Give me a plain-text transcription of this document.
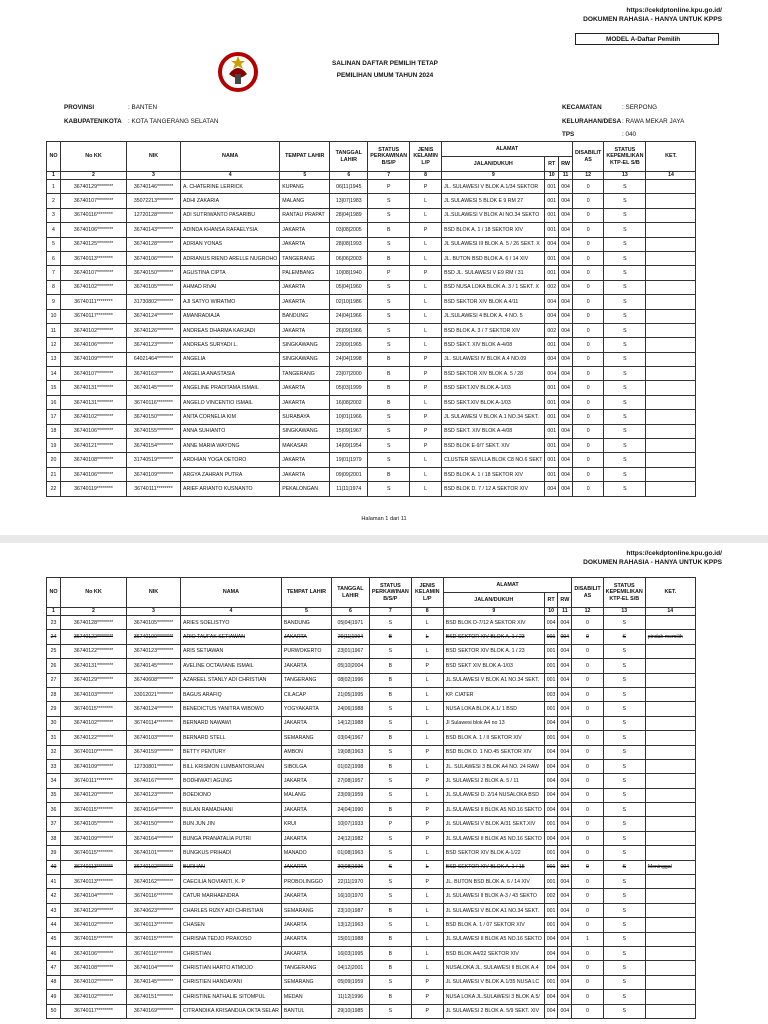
https://cekdptonline.kpu.go.id/
DOKUMEN RAHASIA - HANYA UNTUK KPPS
MODEL A-Daftar Pemilih
SALINAN DAFTAR PEMILIH TETAP
PEMILIHAN UMUM TAHUN 2024
PROVINSI	: BANTEN
KABUPATEN/KOTA : KOTA TANGERANG SELATAN
KECAMATAN	: SERPONG
KELURAHAN/DESA : RAWA MEKAR JAYA
TPS	: 040
NO	No KK	NIK	NAMA	TEMPAT LAHIR	TANGGAL LAHIR	STATUS PERKAWINAN B/S/P	JENIS KELAMIN L/P	ALAMAT			DISABILIT AS	STATUS KEPEMILIKAN KTP-EL S/B	KET.
								JALAN/DUKUH	RT	RW			
1	2	3	4	5	6	7	8	9	10	11	12	13	14
1	36740129********	36740146********	A. CHATERINE LERRICK	KUPANG	06|11|1945	P	P	JL. SULAWESI V BLOK A.1/34 SEKTOR	001	004	0	S	
2	36740107********	35072213********	ADHI ZAKARIA	MALANG	13|07|1983	S	L	JL SULAWESI 5 BLOK E 9 RM 27	001	004	0	S	
3	36740116********	12720128********	ADI SUTRIWANTO PASARIBU	RANTAU PRAPAT	28|04|1989	S	L	JL.SULAWESI V BLOK AI NO.34 SEKTO	001	004	0	S	
4	36740106********	36740143********	ADINDA KHANSA RAFAELYSIA	JAKARTA	03|08|2005	B	P	BSD BLOK A. 1 / 18 SEKTOR XIV	001	004	0	S	
5	36740125********	36740128********	ADRIAN YONAS	JAKARTA	28|08|1993	S	L	JL SULAWESI III BLOK A. 5 / 26 SEKT. X	004	004	0	S	
6	36740113********	36740106********	ADRIANUS RIENO ARELLE NUGROHO	TANGERANG	06|06|2003	B	L	JL. BUTON BSD BLOK A. 6 / 14 XIV	001	004	0	S	
7	36740107********	36740150********	AGUSTINA CIPTA	PALEMBANG	10|08|1940	P	P	BSD JL. SULAWESI V E9 RM / 31	001	004	0	S	
8	36740102********	36740105********	AHMAD RIVAI	JAKARTA	05|04|1960	S	L	BSD NUSA LOKA BLOK A. 3 / 1 SEKT. X	002	004	0	S	
9	36740111********	31730802********	AJI SATYO WIRATMO	JAKARTA	02|10|1986	S	L	BSD SEKTOR XIV BLOK A.4/11	004	004	0	S	
10	36740117********	36740124********	AMANRADIAJA	BANDUNG	24|04|1966	S	L	JL.SULAWESI 4 BLOK A. 4 NO. 5	004	004	0	S	
11	36740102********	36740126********	ANDREAS DHARMA KARJADI	JAKARTA	26|09|1966	S	L	BSD BLOK A. 3 / 7 SEKTOR XIV	002	004	0	S	
12	36740106********	36740123********	ANDREAS SURYADI L.	SINGKAWANG	23|09|1965	S	L	BSD SEKT. XIV BLOK A-4/08	001	004	0	S	
13	36740109********	64021464********	ANGELIA	SINGKAWANG	24|04|1998	B	P	JL. SULAWESI IV BLOK A.4 NO.09	004	004	0	S	
14	36740107********	36740163********	ANGELIA ANASTASIA	TANGERANG	23|07|2000	B	P	BSD SEKTOR XIV BLOK A. 5 / 28	004	004	0	S	
15	36740131********	36740145********	ANGELINE PRADITAMA ISMAIL	JAKARTA	05|03|1999	B	P	BSD SEKT.XIV BLOK A-1/03	001	004	0	S	
16	36740131********	36740116********	ANGELO VINCENTIO ISMAIL	JAKARTA	16|08|2002	B	L	BSD SEKT.XIV BLOK A-1/03	001	004	0	S	
17	36740102********	36740150********	ANITA CORNELIA KIM	SURABAYA	10|01|1966	S	P	JL SULAWESI V BLOK A.1 NO.34 SEKT.	001	004	0	S	
18	36740106********	36740155********	ANNA SUHIANTO	SINGKAWANG	15|09|1967	S	P	BSD SEKT. XIV BLOK A-4/08	001	004	0	S	
19	36740121********	36740154********	ANNE MARIA WAYONG	MAKASAR	14|09|1954	S	P	BSD BLOK E-9/7 SEKT. XIV	001	004	0	S	
20	36740108********	31740519********	ARDHIAN YOGA OETORO	JAKARTA	19|01|1979	S	L	CLUSTER SEVILLA BLOK C8 NO.6 SEKT	001	004	0	S	
21	36740106********	36740109********	ARGYA ZAHRAN PUTRA	JAKARTA	09|09|2001	B	L	BSD BLOK A. 1 / 18 SEKTOR XIV	001	004	0	S	
22	36740119********	36740111********	ARIEF ARIANTO KUSNANTO	PEKALONGAN	11|11|1974	S	L	BSD BLOK D. 7 / 12 A SEKTOR XIV	004	004	0	S	
Halaman 1 dari 11
https://cekdptonline.kpu.go.id/
DOKUMEN RAHASIA - HANYA UNTUK KPPS
NO	No KK	NIK	NAMA	TEMPAT LAHIR	TANGGAL LAHIR	STATUS PERKAWINAN B/S/P	JENIS KELAMIN L/P	ALAMAT			DISABILIT AS	STATUS KEPEMILIKAN KTP-EL S/B	KET.
								JALAN/DUKUH	RT	RW			
1	2	3	4	5	6	7	8	9	10	11	12	13	14
23	36740128********	36740105********	ARIES SOELISTYO	BANDUNG	05|04|1971	S	L	BSD BLOK D-7/12 A SEKTOR XIV	004	004	0	S	
24	36740122********	36740190********	ARIO TAUFAK SETIAWAN	JAKARTA	20|11|1994	B	L	BSD SEKTOR XIV BLOK A. 1 / 23	001	004	0	S	pindah memilih
25	36740122********	36740123********	ARIS SETIAWAN	PURWOKERTO	23|01|1967	S	L	BSD SEKTOR XIV BLOK A. 1 / 23	001	004	0	S	
26	36740131********	36740145********	AVELINE OCTAVIANE ISMAIL	JAKARTA	05|10|2004	B	P	BSD SEKT XIV BLOK A-1/03	001	004	0	S	
27	36740129********	36740608********	AZAREEL STANLY ADI CHRISTIAN	TANGERANG	08|02|1996	B	L	JL.SULAWESI V BLOK A1 NO.34 SEKT.	001	004	0	S	
28	36740103********	33012021********	BAGUS ARAFIQ	CILACAP	21|05|1995	B	L	KP. CIATER	003	004	0	S	
29	36740115********	36740124********	BENEDICTUS YANITRA WIBOWO	YOGYAKARTA	24|06|1988	S	L	NUSA LOKA BLOK A.1/ 1 BSD	001	004	0	S	
30	36740102********	36740114********	BERNARD NAWAWI	JAKARTA	14|12|1988	S	L	Jl Sulawesi blok A4 no 13	004	004	0	S	
31	36740122********	36740103********	BERNARD STELL	SEMARANG	03|04|1967	B	L	BSD BLOK A. 1 / II SEKTOR XIV	001	004	0	S	
32	36740110********	36740159********	BETTY PENTURY	AMBON	19|08|1963	S	P	BSD BLOK D. 1 NO.45 SEKTOR XIV	004	004	0	S	
33	36740109********	12730801********	BILL KRISMON LUMBANTORUAN	SIBOLGA	01|02|1998	B	L	JL. SULAWESI 3 BLOK A4 NO. 24 RAW	004	004	0	S	
34	36740111********	36740167********	BODHIWATI AGUNG	JAKARTA	27|08|1957	S	P	JL SULAWESI 2 BLOK A. 5 / 11	004	004	0	S	
35	36740120********	36740123********	BOEDIONO	MALANG	23|09|1959	S	L	JL.SULAWESI D. 2/14 NUSALOKA BSD	004	004	0	S	
36	36740115********	36740164********	BULAN RAMADHANI	JAKARTA	24|04|1990	B	P	JL.SULAWESI II BLOK A5 NO.16 SEKTO	004	004	0	S	
37	36740105********	36740150********	BUN JUN JIN	KRUI	10|07|1933	P	P	JL SULAWESI V BLOK A/31 SEKT.XIV	001	004	0	S	
38	36740109********	36740164********	BUNGA PRANATALIA PUTRI	JAKARTA	24|12|1982	S	P	JL.SULAWESI II BLOK A5 NO.16 SEKTO	004	004	0	S	
39	36740115********	36740101********	BUNGKUS PRIHADI	MANADO	01|08|1963	S	L	BSD SEKTOR XIV BLOK A-1/22	001	004	0	S	
40	36740113********	36740102********	BURHAN	JAKARTA	30|08|1936	S	L	BSD SEKTOR XIV BLOK A. 1 / 15	001	004	0	S	Meninggal
41	36740113********	36740162********	CAECILIA NOVIANTI. K. P	PROBOLINGGO	22|11|1970	S	P	JL. BUTON BSD BLOK A. 6 / 14 XIV	001	004	0	S	
42	36740104********	36740116********	CATUR MARHAENDRA	JAKARTA	16|10|1970	S	L	JL SULAWESI II BLOK A-3 / 43 SEKTO	002	004	0	S	
43	36740129********	36740623********	CHARLES RIZKY ADI CHRISTIAN	SEMARANG	23|10|1987	B	L	JL SULAWESI V BLOK A1 NO.34 SEKT.	001	004	0	S	
44	36740102********	36740113********	CHASEN	JAKARTA	13|12|1963	S	L	BSD BLOK A. 1 / 07 SEKTOR XIV	001	004	0	S	
45	36740115********	36740115********	CHRISNA TEDJO PRAKOSO	JAKARTA	15|01|1988	B	L	JL.SULAWESI II BLOK A5 NO.16 SEKTO	004	004	1	S	
46	36740106********	36740116********	CHRISTIAN	JAKARTA	16|03|1995	B	L	BSD BLOK A4/22 SEKTOR XIV	004	004	0	S	
47	36740108********	36740104********	CHRISTIAN HARTO ATMOJO	TANGERANG	04|12|2001	B	L	NUSALOKA JL. SULAWESI II BLOK A.4	004	004	0	S	
48	36740102********	36740145********	CHRISTIEN HANDAYANI	SEMARANG	05|09|1959	S	P	JL SULAWESI V BLOK A.1/35 NUSA LC	001	004	0	S	
49	36740102********	36740151********	CHRISTINE NATHALIE SITOMPUL	MEDAN	11|12|1996	B	P	NUSA LOKA JL.SULAWESI 3 BLOK A.5/	004	004	0	S	
50	36740117********	36740169********	CITRANDIKA KRISANDUA OKTA SELAR	BANTUL	29|10|1985	S	P	JL SULAWESI 2 BLOK A. 5/9 SEKT. XIV	004	004	0	S	
